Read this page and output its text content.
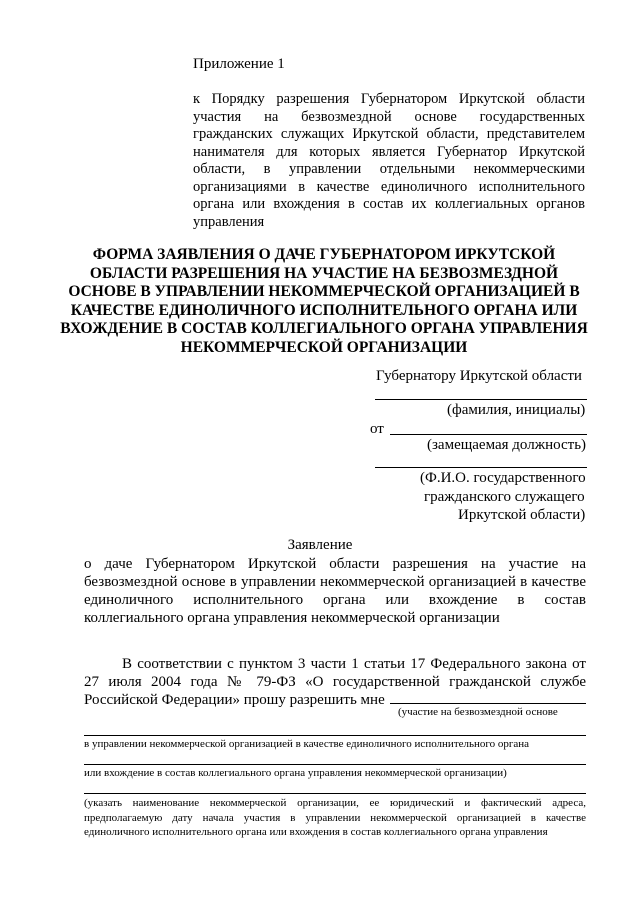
Приложение 1
к Порядку разрешения Губернатором Иркутской области участия на безвозмездной основе государственных гражданских служащих Иркутской области, представителем нанимателя для которых является Губернатор Иркутской области, в управлении отдельными некоммерческими организациями в качестве единоличного исполнительного органа или вхождения в состав их коллегиальных органов управления
ФОРМА ЗАЯВЛЕНИЯ О ДАЧЕ ГУБЕРНАТОРОМ ИРКУТСКОЙ ОБЛАСТИ РАЗРЕШЕНИЯ НА УЧАСТИЕ НА БЕЗВОЗМЕЗДНОЙ ОСНОВЕ В УПРАВЛЕНИИ НЕКОММЕРЧЕСКОЙ ОРГАНИЗАЦИЕЙ В КАЧЕСТВЕ ЕДИНОЛИЧНОГО ИСПОЛНИТЕЛЬНОГО ОРГАНА ИЛИ ВХОЖДЕНИЕ В СОСТАВ КОЛЛЕГИАЛЬНОГО ОРГАНА УПРАВЛЕНИЯ НЕКОММЕРЧЕСКОЙ ОРГАНИЗАЦИИ
Губернатору Иркутской области
(фамилия, инициалы)
от
(замещаемая должность)
(Ф.И.О. государственного
гражданского служащего
Иркутской области)
Заявление
о даче Губернатором Иркутской области разрешения на участие на безвозмездной основе в управлении некоммерческой организацией в качестве единоличного исполнительного органа или вхождение в состав коллегиального органа управления некоммерческой организации
В соответствии с пунктом 3 части 1 статьи 17 Федерального закона от 27 июля 2004 года № 79-ФЗ «О государственной гражданской службе Российской Федерации» прошу разрешить мне
(участие на безвозмездной основе
в управлении некоммерческой организацией в качестве единоличного исполнительного органа
или вхождение в состав коллегиального органа управления некоммерческой организации)
(указать наименование некоммерческой организации, ее юридический и фактический адреса, предполагаемую дату начала участия в управлении некоммерческой организацией в качестве единоличного исполнительного органа или вхождения в состав коллегиального органа управления
